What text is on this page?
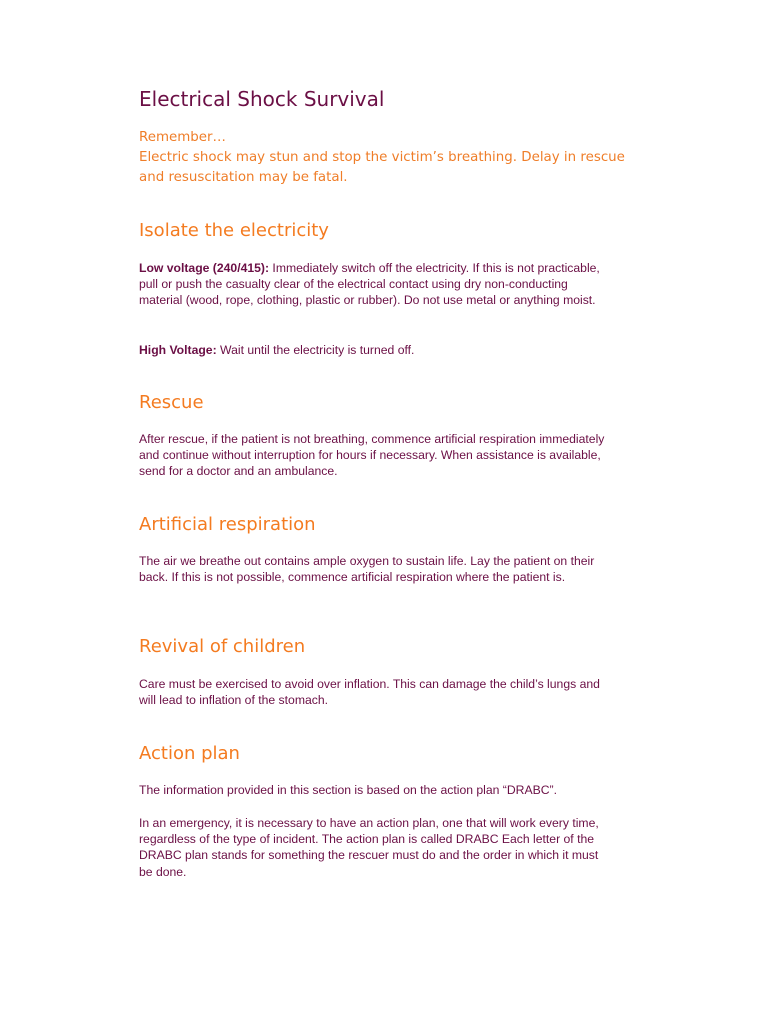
Electrical Shock Survival

Remember…

Electric shock may stun and stop the victim’s breathing. Delay in rescue and resuscitation may be fatal.

Isolate the electricity

Low voltage (240/415): Immediately switch off the electricity. If this is not practicable, pull or push the casualty clear of the electrical contact using dry non-conducting material (wood, rope, clothing, plastic or rubber). Do not use metal or anything moist.

High Voltage: Wait until the electricity is turned off.

Rescue

After rescue, if the patient is not breathing, commence artificial respiration immediately and continue without interruption for hours if necessary. When assistance is available, send for a doctor and an ambulance.

Artificial respiration

The air we breathe out contains ample oxygen to sustain life. Lay the patient on their back. If this is not possible, commence artificial respiration where the patient is.

Revival of children

Care must be exercised to avoid over inflation. This can damage the child’s lungs and will lead to inflation of the stomach.

Action plan

The information provided in this section is based on the action plan “DRABC”.

In an emergency, it is necessary to have an action plan, one that will work every time, regardless of the type of incident. The action plan is called DRABC Each letter of the DRABC plan stands for something the rescuer must do and the order in which it must be done.
